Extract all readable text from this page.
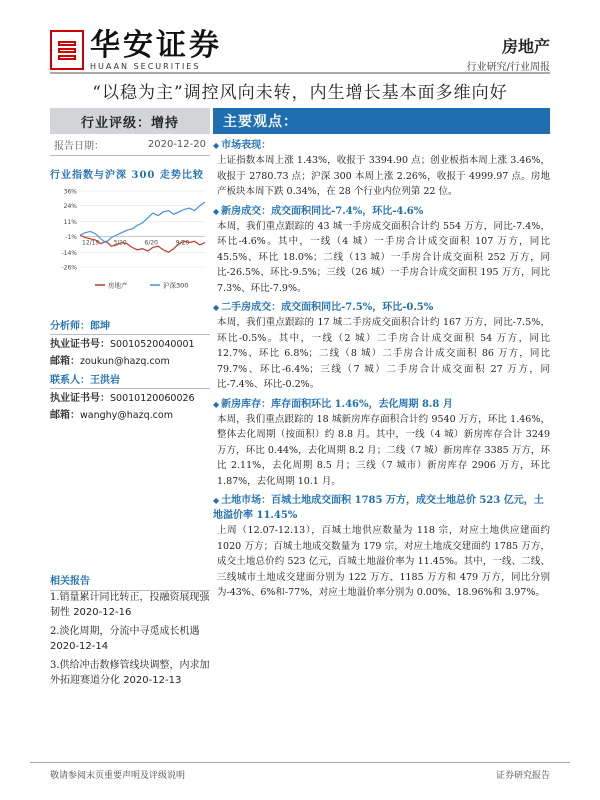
华安证券
HUAAN SECURITIES
房地产
行业研究/行业周报
“以稳为主”调控风向未转，内生增长基本面多维向好
行业评级：增持
报告日期：	2020-12-20
行业指数与沪深 300 走势比较
36%
24%
11%
-1%
-14%
-26%
12/19 3/20	6/20	9/20
房地产	沪深300
分析师：郎坤
执业证书号：S0010520040001
邮箱：zoukun@hazq.com
联系人：王洪岩
执业证书号：S0010120060026
邮箱：wanghy@hazq.com
相关报告
1.销量累计同比转正，投融资展现强韧性 2020-12-16
2.淡化周期，分流中寻觅成长机遇
2020-12-14
3.供给冲击数修管线块调整，内求加外拓迎赛道分化 2020-12-13
主要观点：
◆ 市场表现：
上证指数本周上涨 1.43%，收报于 3394.90 点；创业板指本周上涨 3.46%，收报于 2780.73 点；沪深 300 本周上涨 2.26%，收报于 4999.97 点。房地产板块本周下跌 0.34%，在 28 个行业内位列第 22 位。
◆ 新房成交：成交面积同比-7.4%，环比-4.6%
本周，我们重点跟踪的 43 城一手房成交面积合计约 554 万方，同比-7.4%，环比-4.6%。其中，一线（4 城）一手房合计成交面积 107 万方，同比 45.5%、环比 18.0%；二线（13 城）一手房合计成交面积 252 万方，同比-26.5%、环比-9.5%；三线（26 城）一手房合计成交面积 195 万方，同比 7.3%、环比-7.9%。
◆ 二手房成交：成交面积同比-7.5%，环比-0.5%
本周，我们重点跟踪的 17 城二手房成交面积合计约 167 万方，同比-7.5%，环比-0.5%。其中，一线（2 城）二手房合计成交面积 54 万方，同比 12.7%、环比 6.8%；二线（8 城）二手房合计成交面积 86 万方，同比 79.7%、环比-6.4%；三线（7 城）二手房合计成交面积 27 万方，同比-7.4%、环比-0.2%。
◆ 新房库存：库存面积环比 1.46%，去化周期 8.8 月
本周，我们重点跟踪的 18 城新房库存面积合计约 9540 万方，环比 1.46%，整体去化周期（按面积）约 8.8 月。其中，一线（4 城）新房库存合计 3249 万方，环比 0.44%，去化周期 8.2 月；二线（7 城）新房库存 3385 万方，环比 2.11%，去化周期 8.5 月；三线（7 城市）新房库存 2906 万方，环比 1.87%，去化周期 10.1 月。
◆ 土地市场：百城土地成交面积 1785 万方，成交土地总价 523 亿元，土地溢价率 11.45%
上周（12.07-12.13），百城土地供应数量为 118 宗，对应土地供应建面约 1020 万方；百城土地成交数量为 179 宗，对应土地成交建面约 1785 万方，成交土地总价约 523 亿元，百城土地溢价率为 11.45%。其中，一线、二线、三线城市土地成交建面分别为 122 万方、1185 万方和 479 万方，同比分别为-43%、6%和-77%，对应土地溢价率分别为 0.00%、18.96%和 3.97%。
敬请参阅末页重要声明及评级说明	证券研究报告
